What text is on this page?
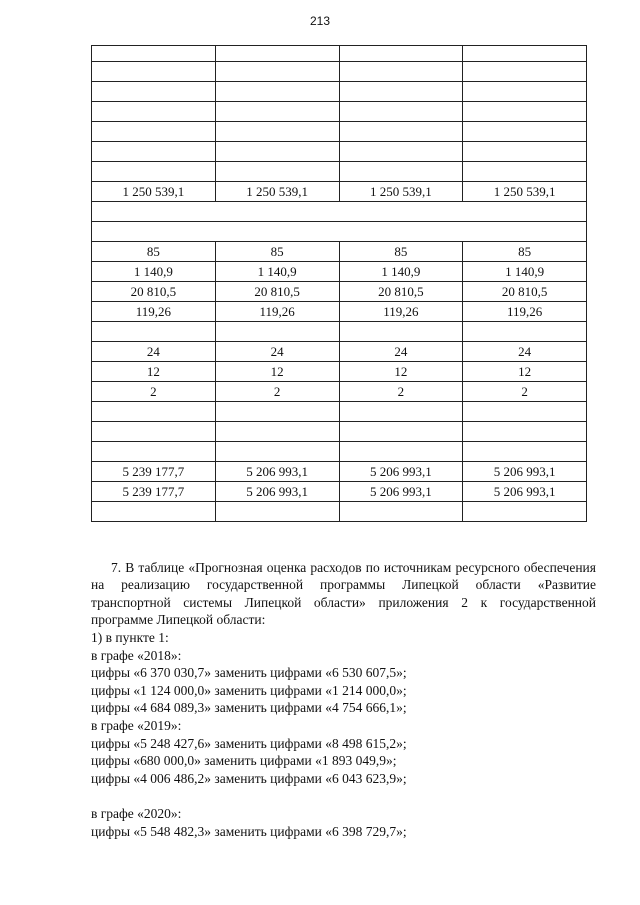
213

1 250 539,1	1 250 539,1	1 250 539,1	1 250 539,1

85	85	85	85
1 140,9	1 140,9	1 140,9	1 140,9
20 810,5	20 810,5	20 810,5	20 810,5
119,26	119,26	119,26	119,26

24	24	24	24
12	12	12	12
2	2	2	2

5 239 177,7	5 206 993,1	5 206 993,1	5 206 993,1
5 239 177,7	5 206 993,1	5 206 993,1	5 206 993,1

7. В таблице «Прогнозная оценка расходов по источникам ресурсного обеспечения на реализацию государственной программы Липецкой области «Развитие транспортной системы Липецкой области» приложения 2 к государственной программе Липецкой области:

1) в пункте 1:

в графе «2018»:

цифры «6 370 030,7» заменить цифрами «6 530 607,5»;

цифры «1 124 000,0» заменить цифрами «1 214 000,0»;

цифры «4 684 089,3» заменить цифрами «4 754 666,1»;

в графе «2019»:

цифры «5 248 427,6» заменить цифрами «8 498 615,2»;

цифры «680 000,0» заменить цифрами «1 893 049,9»;

цифры «4 006 486,2» заменить цифрами «6 043 623,9»;

в графе «2020»:

цифры «5 548 482,3» заменить цифрами «6 398 729,7»;
